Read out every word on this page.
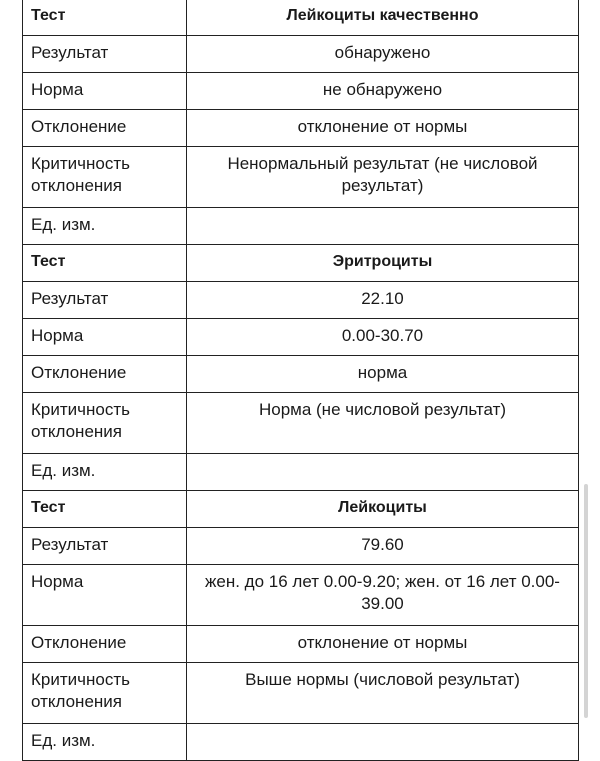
Тест	Лейкоциты качественно
Результат	обнаружено
Норма	не обнаружено
Отклонение	отклонение от нормы
Критичность отклонения	Ненормальный результат (не числовой результат)
Ед. изм.	
Тест	Эритроциты
Результат	22.10
Норма	0.00-30.70
Отклонение	норма
Критичность отклонения	Норма (не числовой результат)
Ед. изм.	
Тест	Лейкоциты
Результат	79.60
Норма	жен. до 16 лет 0.00-9.20; жен. от 16 лет 0.00-39.00
Отклонение	отклонение от нормы
Критичность отклонения	Выше нормы (числовой результат)
Ед. изм.	
